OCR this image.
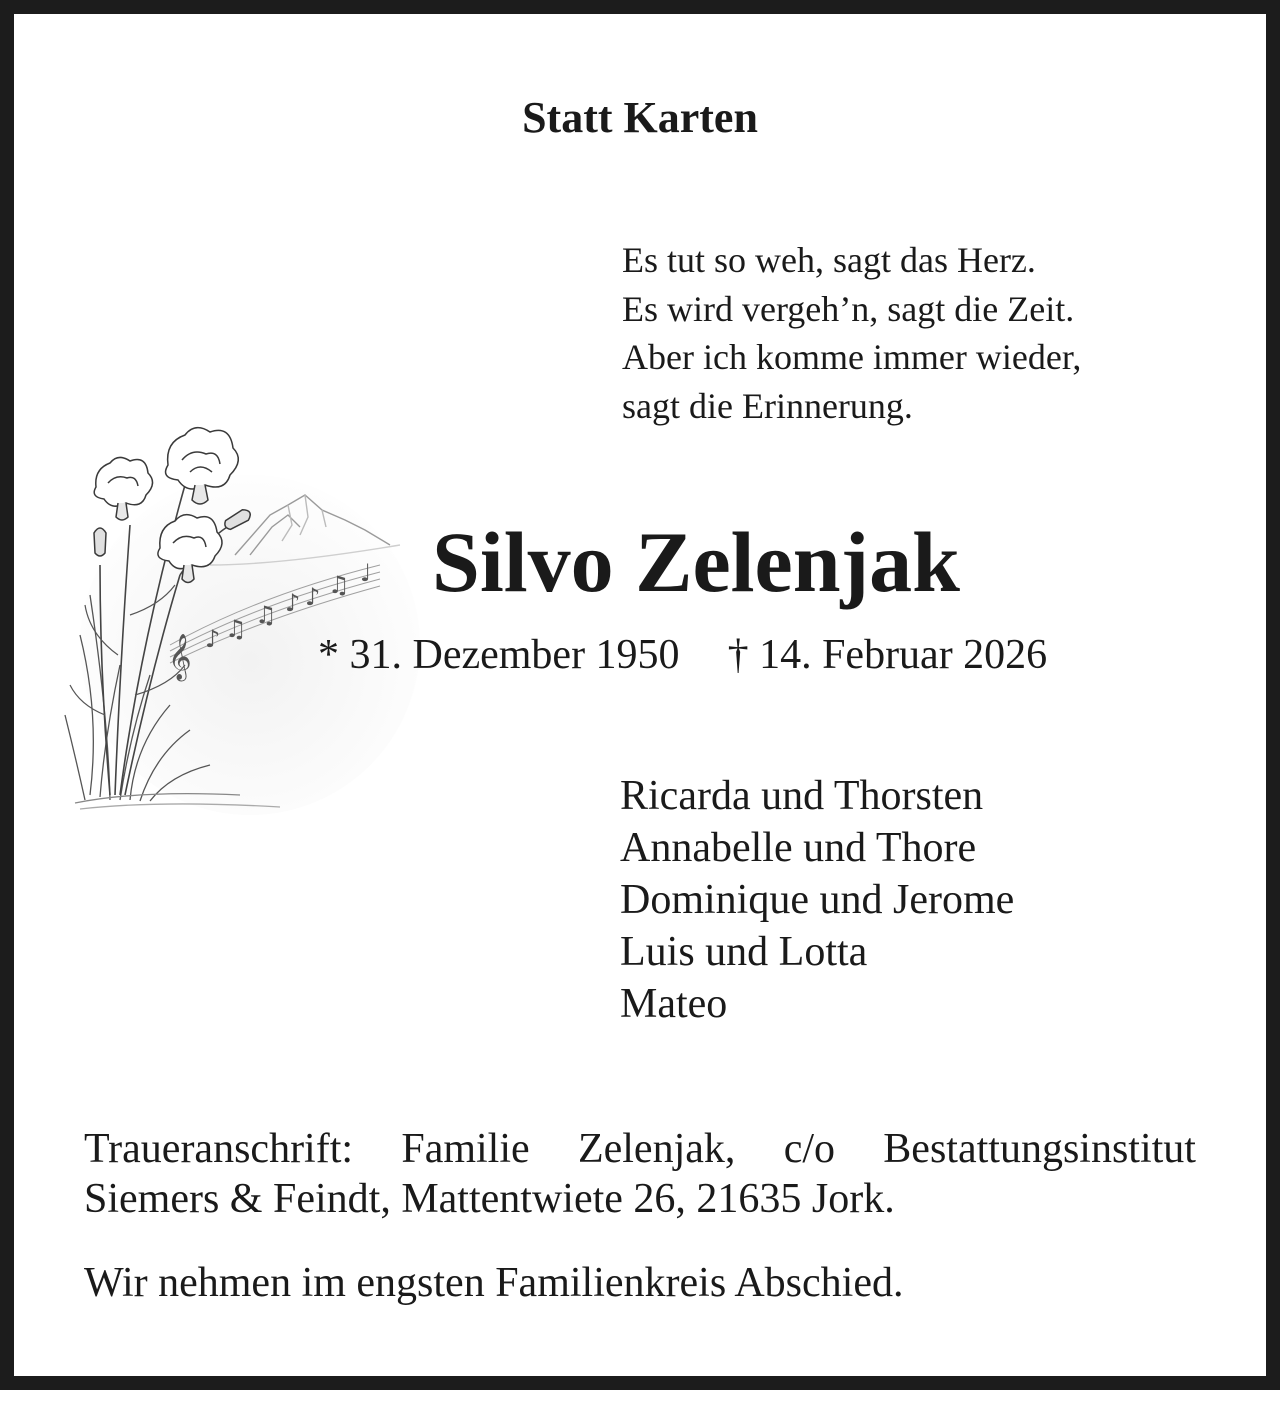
Statt Karten
Es tut so weh, sagt das Herz.
Es wird vergeh’n, sagt die Zeit.
Aber ich komme immer wieder,
sagt die Erinnerung.
𝄞 ♪ ♫ ♫ ♪ ♪ ♫ ♩ Silvo Zelenjak
* 31. Dezember 1950 † 14. Februar 2026
Ricarda und Thorsten
Annabelle und Thore
Dominique und Jerome
Luis und Lotta
Mateo
Traueranschrift: Familie Zelenjak, c/o Bestattungsinstitut
Siemers & Feindt, Mattentwiete 26, 21635 Jork.
Wir nehmen im engsten Familienkreis Abschied.
